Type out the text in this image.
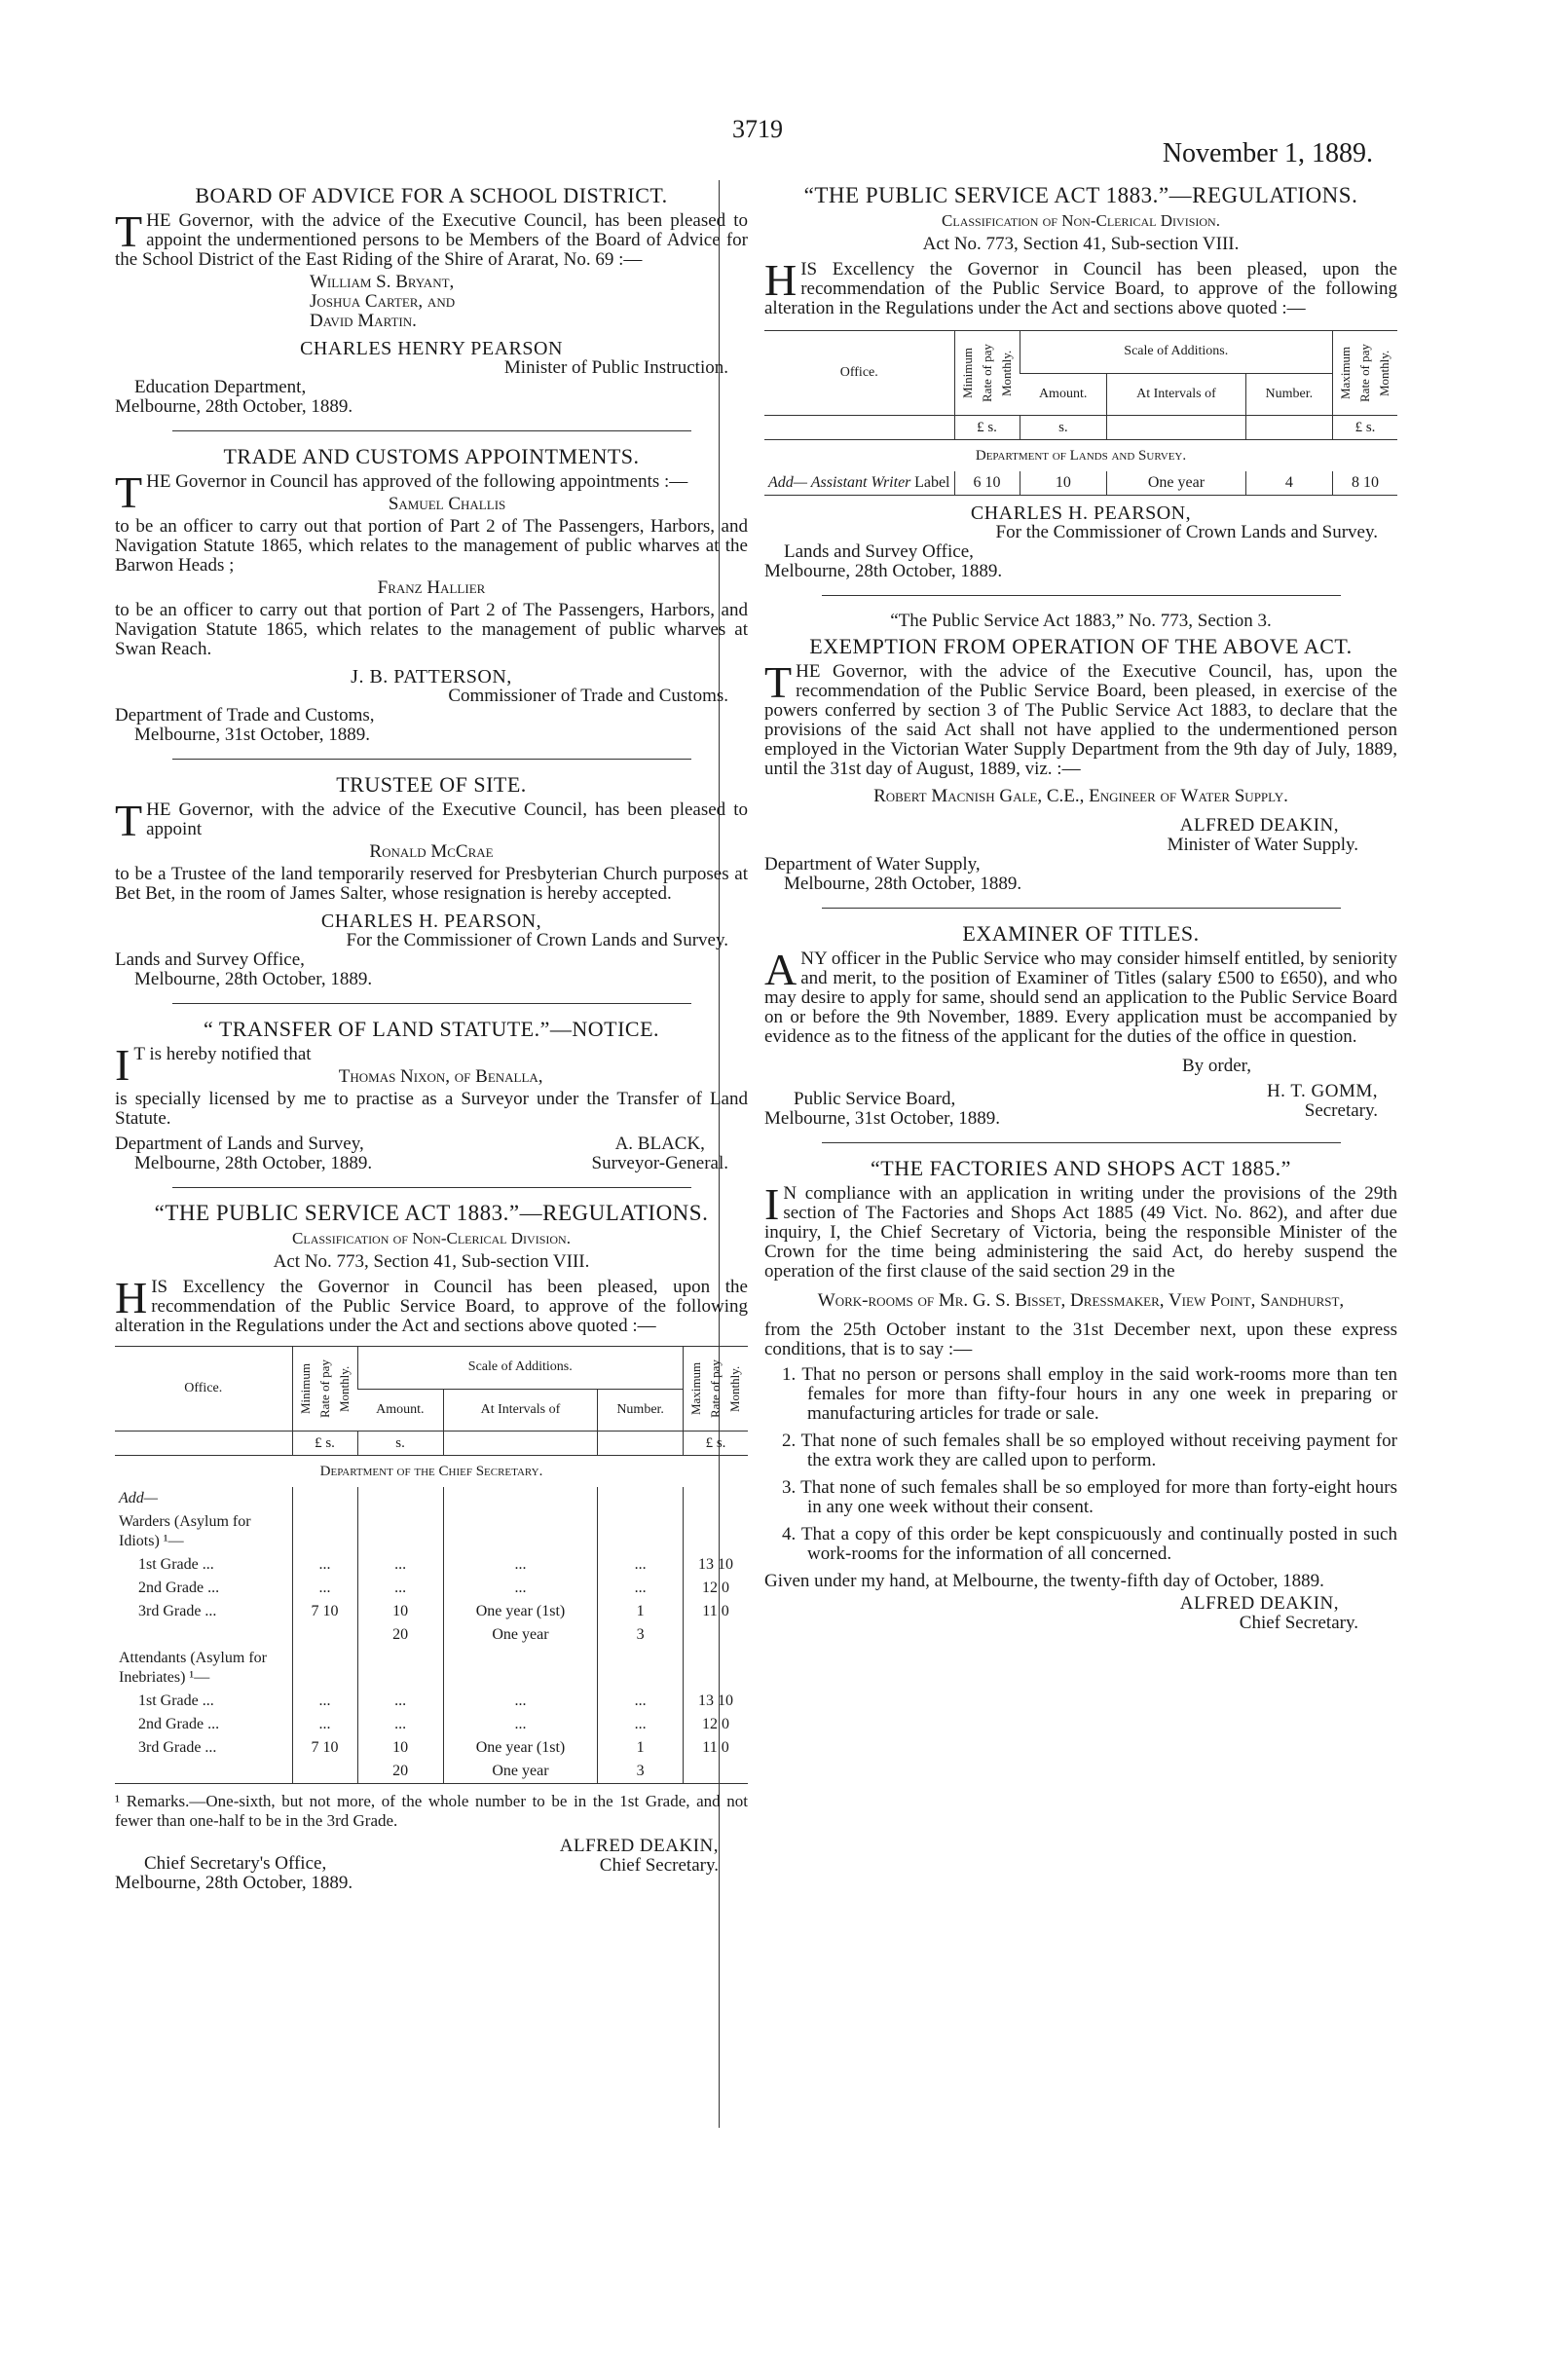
3719
November 1, 1889.
BOARD OF ADVICE FOR A SCHOOL DISTRICT.

THE Governor, with the advice of the Executive Council, has been pleased to appoint the undermentioned persons to be Members of the Board of Advice for the School District of the East Riding of the Shire of Ararat, No. 69 :—

William S. Bryant,
Joshua Carter, and
David Martin.
CHARLES HENRY PEARSON
Minister of Public Instruction.
Education Department,
Melbourne, 28th October, 1889.
TRADE AND CUSTOMS APPOINTMENTS.

THE Governor in Council has approved of the following appointments :—

Samuel Challis

to be an officer to carry out that portion of Part 2 of The Passengers, Harbors, and Navigation Statute 1865, which relates to the management of public wharves at the Barwon Heads ;

Franz Hallier

to be an officer to carry out that portion of Part 2 of The Passengers, Harbors, and Navigation Statute 1865, which relates to the management of public wharves at Swan Reach.

J. B. PATTERSON,
Commissioner of Trade and Customs.
Department of Trade and Customs,
Melbourne, 31st October, 1889.
TRUSTEE OF SITE.

THE Governor, with the advice of the Executive Council, has been pleased to appoint

Ronald McCrae

to be a Trustee of the land temporarily reserved for Presbyterian Church purposes at Bet Bet, in the room of James Salter, whose resignation is hereby accepted.

CHARLES H. PEARSON,
For the Commissioner of Crown Lands and Survey.
Lands and Survey Office,
Melbourne, 28th October, 1889.
“ TRANSFER OF LAND STATUTE.”—NOTICE.

I T is hereby notified that

Thomas Nixon, of Benalla,

is specially licensed by me to practise as a Surveyor under the Transfer of Land Statute.

Department of Lands and Survey,
Melbourne, 28th October, 1889.
A. BLACK,
Surveyor-General.
“THE PUBLIC SERVICE ACT 1883.”—REGULATIONS.
Classification of Non-Clerical Division.
Act No. 773, Section 41, Sub-section VIII.

HIS Excellency the Governor in Council has been pleased, upon the recommendation of the Public Service Board, to approve of the following alteration in the Regulations under the Act and sections above quoted :—

Office.	Minimum Rate of pay Monthly.	Scale of Additions.			Maximum Rate of pay Monthly.

		Amount.	At Intervals of	Number.	
	£ s.	s.			£ s.
Department of the Chief Secretary.					
Add—					
Warders (Asylum for Idiots) ¹—					
1st Grade ...	...	...	...	...	13 10
2nd Grade ...	...	...	...	...	12 0
3rd Grade ...	7 10	10	One year (1st)	1	11 0
		20	One year	3	
Attendants (Asylum for Inebriates) ¹—					
1st Grade ...	...	...	...	...	13 10
2nd Grade ...	...	...	...	...	12 0
3rd Grade ...	7 10	10	One year (1st)	1	11 0
		20	One year	3	

¹ Remarks.—One-sixth, but not more, of the whole number to be in the 1st Grade, and not fewer than one-half to be in the 3rd Grade.

Chief Secretary's Office,
Melbourne, 28th October, 1889.
ALFRED DEAKIN,
Chief Secretary.
“THE PUBLIC SERVICE ACT 1883.”—REGULATIONS.
Classification of Non-Clerical Division.
Act No. 773, Section 41, Sub-section VIII.

HIS Excellency the Governor in Council has been pleased, upon the recommendation of the Public Service Board, to approve of the following alteration in the Regulations under the Act and sections above quoted :—

Office.	Minimum Rate of pay Monthly.	Scale of Additions.			Maximum Rate of pay Monthly.

		Amount.	At Intervals of	Number.	
	£ s.	s.			£ s.
Department of Lands and Survey.					
Add— Assistant Writer Label	6 10	10	One year	4	8 10
CHARLES H. PEARSON,
For the Commissioner of Crown Lands and Survey.
Lands and Survey Office,
Melbourne, 28th October, 1889.
“The Public Service Act 1883,” No. 773, Section 3.
EXEMPTION FROM OPERATION OF THE ABOVE ACT.

THE Governor, with the advice of the Executive Council, has, upon the recommendation of the Public Service Board, been pleased, in exercise of the powers conferred by section 3 of The Public Service Act 1883, to declare that the provisions of the said Act shall not have applied to the undermentioned person employed in the Victorian Water Supply Department from the 9th day of July, 1889, until the 31st day of August, 1889, viz. :—

Robert Macnish Gale, C.E., Engineer of Water Supply.
ALFRED DEAKIN,
Minister of Water Supply.
Department of Water Supply,
Melbourne, 28th October, 1889.
EXAMINER OF TITLES.

ANY officer in the Public Service who may consider himself entitled, by seniority and merit, to the position of Examiner of Titles (salary £500 to £650), and who may desire to apply for same, should send an application to the Public Service Board on or before the 9th November, 1889. Every application must be accompanied by evidence as to the fitness of the applicant for the duties of the office in question.

By order,
Public Service Board,
Melbourne, 31st October, 1889.
H. T. GOMM,
Secretary.
“THE FACTORIES AND SHOPS ACT 1885.”

I N compliance with an application in writing under the provisions of the 29th section of The Factories and Shops Act 1885 (49 Vict. No. 862), and after due inquiry, I, the Chief Secretary of Victoria, being the responsible Minister of the Crown for the time being administering the said Act, do hereby suspend the operation of the first clause of the said section 29 in the

Work-rooms of Mr. G. S. Bisset, Dressmaker, View Point, Sandhurst,

from the 25th October instant to the 31st December next, upon these express conditions, that is to say :—

1. That no person or persons shall employ in the said work-rooms more than ten females for more than fifty-four hours in any one week in preparing or manufacturing articles for trade or sale.
2. That none of such females shall be so employed without receiving payment for the extra work they are called upon to perform.
3. That none of such females shall be so employed for more than forty-eight hours in any one week without their consent.
4. That a copy of this order be kept conspicuously and continually posted in such work-rooms for the information of all concerned.

Given under my hand, at Melbourne, the twenty-fifth day of October, 1889.

ALFRED DEAKIN,
Chief Secretary.
